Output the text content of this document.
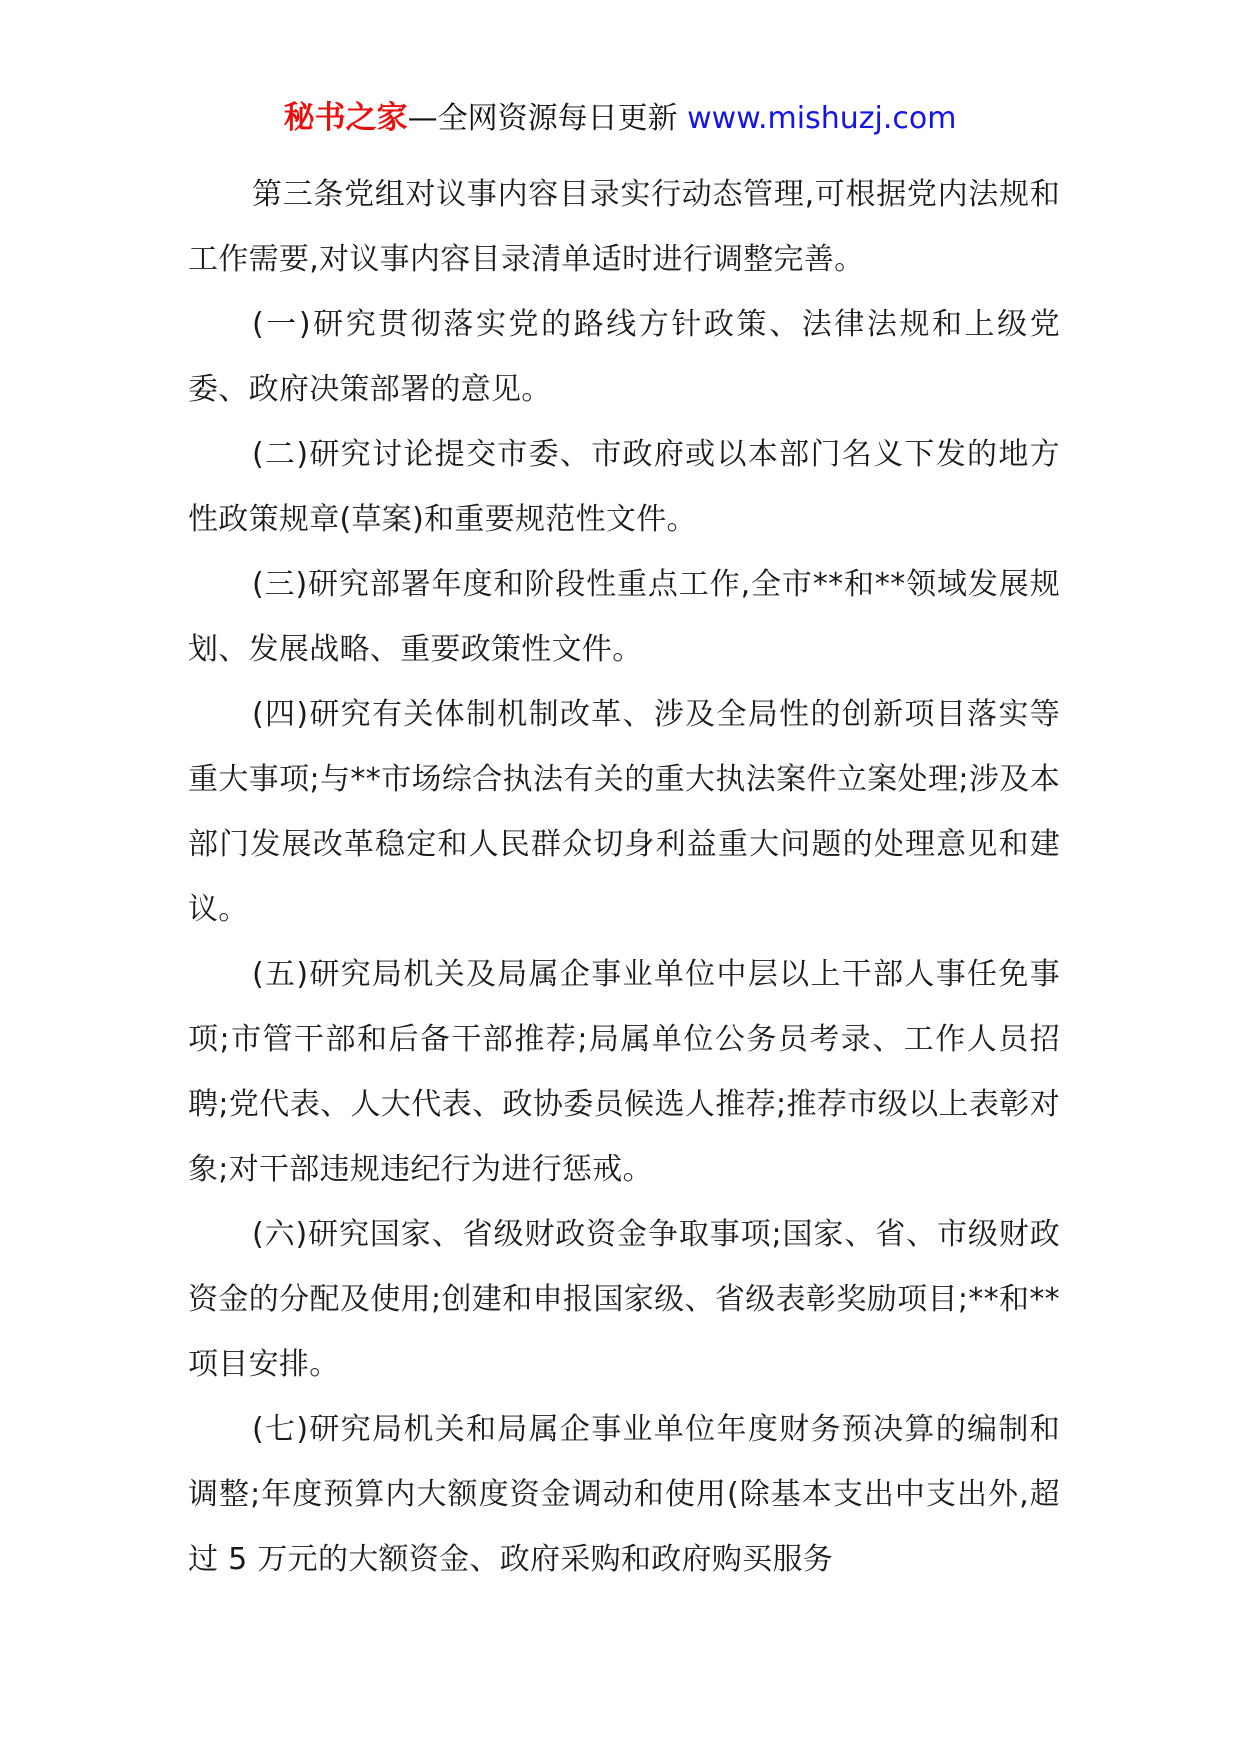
秘书之家—全网资源每日更新 www.mishuzj.com

第三条党组对议事内容目录实行动态管理,可根据党内法规和工作需要,对议事内容目录清单适时进行调整完善。

(一)研究贯彻落实党的路线方针政策、法律法规和上级党委、政府决策部署的意见。

(二)研究讨论提交市委、市政府或以本部门名义下发的地方性政策规章(草案)和重要规范性文件。

(三)研究部署年度和阶段性重点工作,全市**和**领域发展规划、发展战略、重要政策性文件。

(四)研究有关体制机制改革、涉及全局性的创新项目落实等重大事项;与**市场综合执法有关的重大执法案件立案处理;涉及本部门发展改革稳定和人民群众切身利益重大问题的处理意见和建议。

(五)研究局机关及局属企事业单位中层以上干部人事任免事项;市管干部和后备干部推荐;局属单位公务员考录、工作人员招聘;党代表、人大代表、政协委员候选人推荐;推荐市级以上表彰对象;对干部违规违纪行为进行惩戒。

(六)研究国家、省级财政资金争取事项;国家、省、市级财政资金的分配及使用;创建和申报国家级、省级表彰奖励项目;**和**项目安排。

(七)研究局机关和局属企事业单位年度财务预决算的编制和调整;年度预算内大额度资金调动和使用(除基本支出中支出外,超过 5 万元的大额资金、政府采购和政府购买服务
